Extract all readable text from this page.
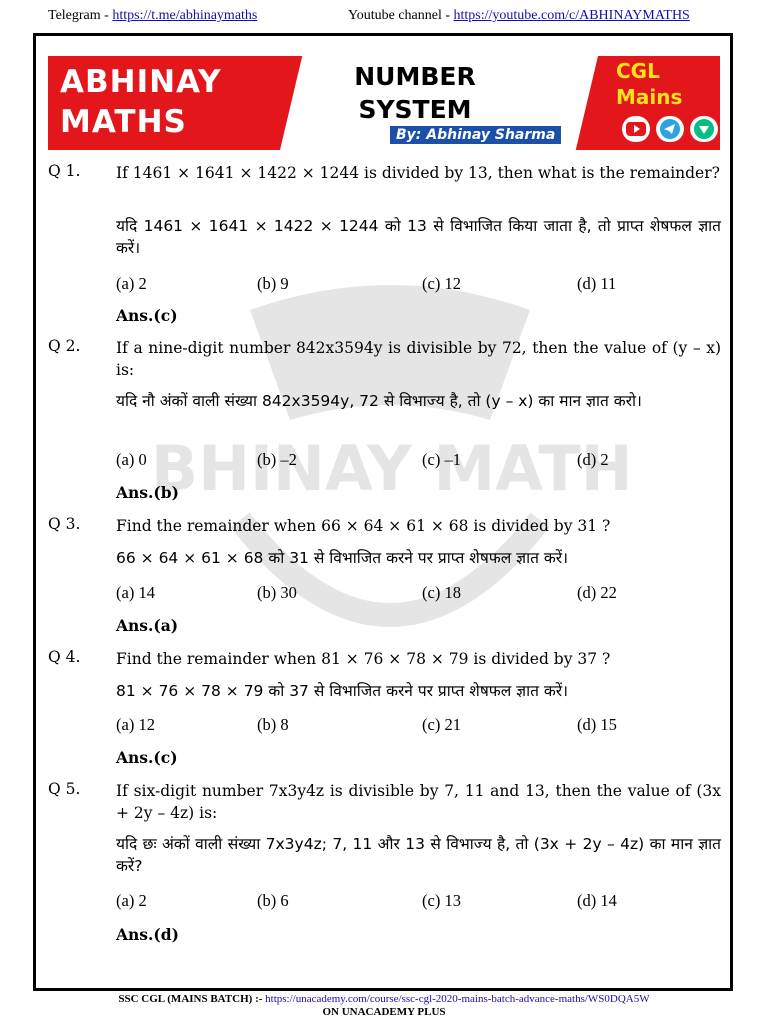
Telegram - https://t.me/abhinaymaths	Youtube channel - https://youtube.com/c/ABHINAYMATHS
ABHINAY
MATHS
NUMBER
SYSTEM
By: Abhinay Sharma
CGL
Mains
BHINAY MATH
Q 1. If 1461 × 1641 × 1422 × 1244 is divided by 13, then what is the remainder?
यदि 1461 × 1641 × 1422 × 1244 को 13 से विभाजित किया जाता है, तो प्राप्त शेषफल ज्ञात करें।
(a) 2	(b) 9	(c) 12	(d) 11
Ans.(c)
Q 2. If a nine-digit number 842x3594y is divisible by 72, then the value of (y – x) is:
यदि नौ अंकों वाली संख्या 842x3594y, 72 से विभाज्य है, तो (y – x) का मान ज्ञात करो।
(a) 0	(b) –2	(c) –1	(d) 2
Ans.(b)
Q 3. Find the remainder when 66 × 64 × 61 × 68 is divided by 31 ?
66 × 64 × 61 × 68 को 31 से विभाजित करने पर प्राप्त शेषफल ज्ञात करें।
(a) 14	(b) 30	(c) 18	(d) 22
Ans.(a)
Q 4. Find the remainder when 81 × 76 × 78 × 79 is divided by 37 ?
81 × 76 × 78 × 79 को 37 से विभाजित करने पर प्राप्त शेषफल ज्ञात करें।
(a) 12	(b) 8	(c) 21	(d) 15
Ans.(c)
Q 5. If six-digit number 7x3y4z is divisible by 7, 11 and 13, then the value of (3x + 2y – 4z) is:
यदि छः अंकों वाली संख्या 7x3y4z; 7, 11 और 13 से विभाज्य है, तो (3x + 2y – 4z) का मान ज्ञात करें?
(a) 2	(b) 6	(c) 13	(d) 14
Ans.(d)
SSC CGL (MAINS BATCH) :- https://unacademy.com/course/ssc-cgl-2020-mains-batch-advance-maths/WS0DQA5W
ON UNACADEMY PLUS
